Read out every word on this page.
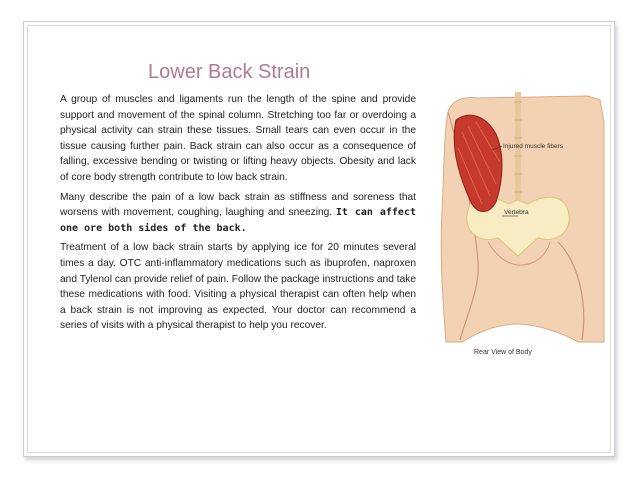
Lower Back Strain

A group of muscles and ligaments run the length of the spine and provide support and movement of the spinal column. Stretching too far or overdoing a physical activity can strain these tissues. Small tears can even occur in the tissue causing further pain. Back strain can also occur as a consequence of falling, excessive bending or twisting or lifting heavy objects. Obesity and lack of core body strength contribute to low back strain.

Many describe the pain of a low back strain as stiffness and soreness that worsens with movement, coughing, laughing and sneezing. It can affect one ore both sides of the back.

Treatment of a low back strain starts by applying ice for 20 minutes several times a day. OTC anti-inflammatory medications such as ibuprofen, naproxen and Tylenol can provide relief of pain. Follow the package instructions and take these medications with food. Visiting a physical therapist can often help when a back strain is not improving as expected. Your doctor can recommend a series of visits with a physical therapist to help you recover.

Injured muscle fibers
Vertebra
Rear View of Body
